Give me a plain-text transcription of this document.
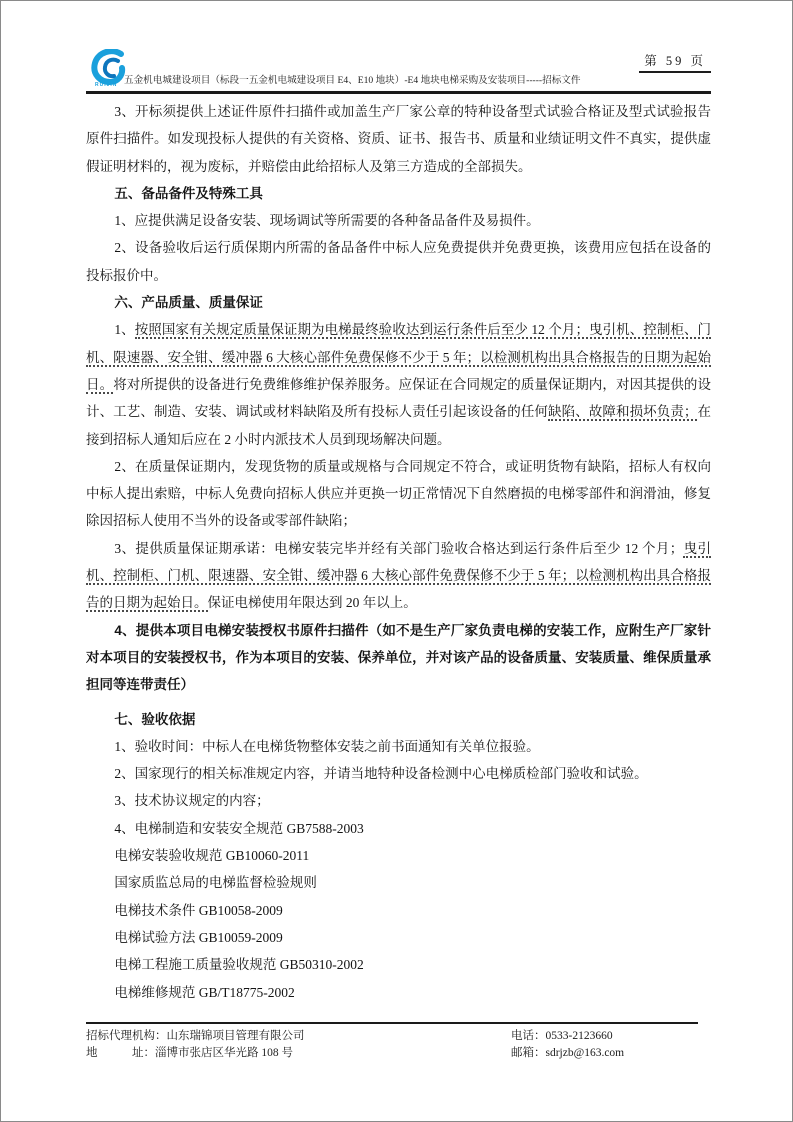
RUIJIN
第 59 页
五金机电城建设项目（标段一五金机电城建设项目 E4、E10 地块）-E4 地块电梯采购及安装项目-----招标文件

3、开标须提供上述证件原件扫描件或加盖生产厂家公章的特种设备型式试验合格证及型式试验报告原件扫描件。如发现投标人提供的有关资格、资质、证书、报告书、质量和业绩证明文件不真实，提供虚假证明材料的，视为废标，并赔偿由此给招标人及第三方造成的全部损失。

五、备品备件及特殊工具

1、应提供满足设备安装、现场调试等所需要的各种备品备件及易损件。

2、设备验收后运行质保期内所需的备品备件中标人应免费提供并免费更换，该费用应包括在设备的投标报价中。

六、产品质量、质量保证

1、按照国家有关规定质量保证期为电梯最终验收达到运行条件后至少 12 个月；曳引机、控制柜、门机、限速器、安全钳、缓冲器 6 大核心部件免费保修不少于 5 年；以检测机构出具合格报告的日期为起始日。将对所提供的设备进行免费维修维护保养服务。应保证在合同规定的质量保证期内，对因其提供的设计、工艺、制造、安装、调试或材料缺陷及所有投标人责任引起该设备的任何缺陷、故障和损坏负责；在接到招标人通知后应在 2 小时内派技术人员到现场解决问题。

2、在质量保证期内，发现货物的质量或规格与合同规定不符合，或证明货物有缺陷，招标人有权向中标人提出索赔，中标人免费向招标人供应并更换一切正常情况下自然磨损的电梯零部件和润滑油，修复除因招标人使用不当外的设备或零部件缺陷；

3、提供质量保证期承诺：电梯安装完毕并经有关部门验收合格达到运行条件后至少 12 个月；曳引机、控制柜、门机、限速器、安全钳、缓冲器 6 大核心部件免费保修不少于 5 年；以检测机构出具合格报告的日期为起始日。保证电梯使用年限达到 20 年以上。

4、提供本项目电梯安装授权书原件扫描件（如不是生产厂家负责电梯的安装工作，应附生产厂家针对本项目的安装授权书，作为本项目的安装、保养单位，并对该产品的设备质量、安装质量、维保质量承担同等连带责任）

七、验收依据

1、验收时间：中标人在电梯货物整体安装之前书面通知有关单位报验。

2、国家现行的相关标准规定内容，并请当地特种设备检测中心电梯质检部门验收和试验。

3、技术协议规定的内容；

4、电梯制造和安装安全规范 GB7588-2003

电梯安装验收规范 GB10060-2011

国家质监总局的电梯监督检验规则

电梯技术条件 GB10058-2009

电梯试验方法 GB10059-2009

电梯工程施工质量验收规范 GB50310-2002

电梯维修规范 GB/T18775-2002

招标代理机构：山东瑞锦项目管理有限公司	电话：0533-2123660
地　　　址：淄博市张店区华光路 108 号	邮箱：sdrjzb@163.com
